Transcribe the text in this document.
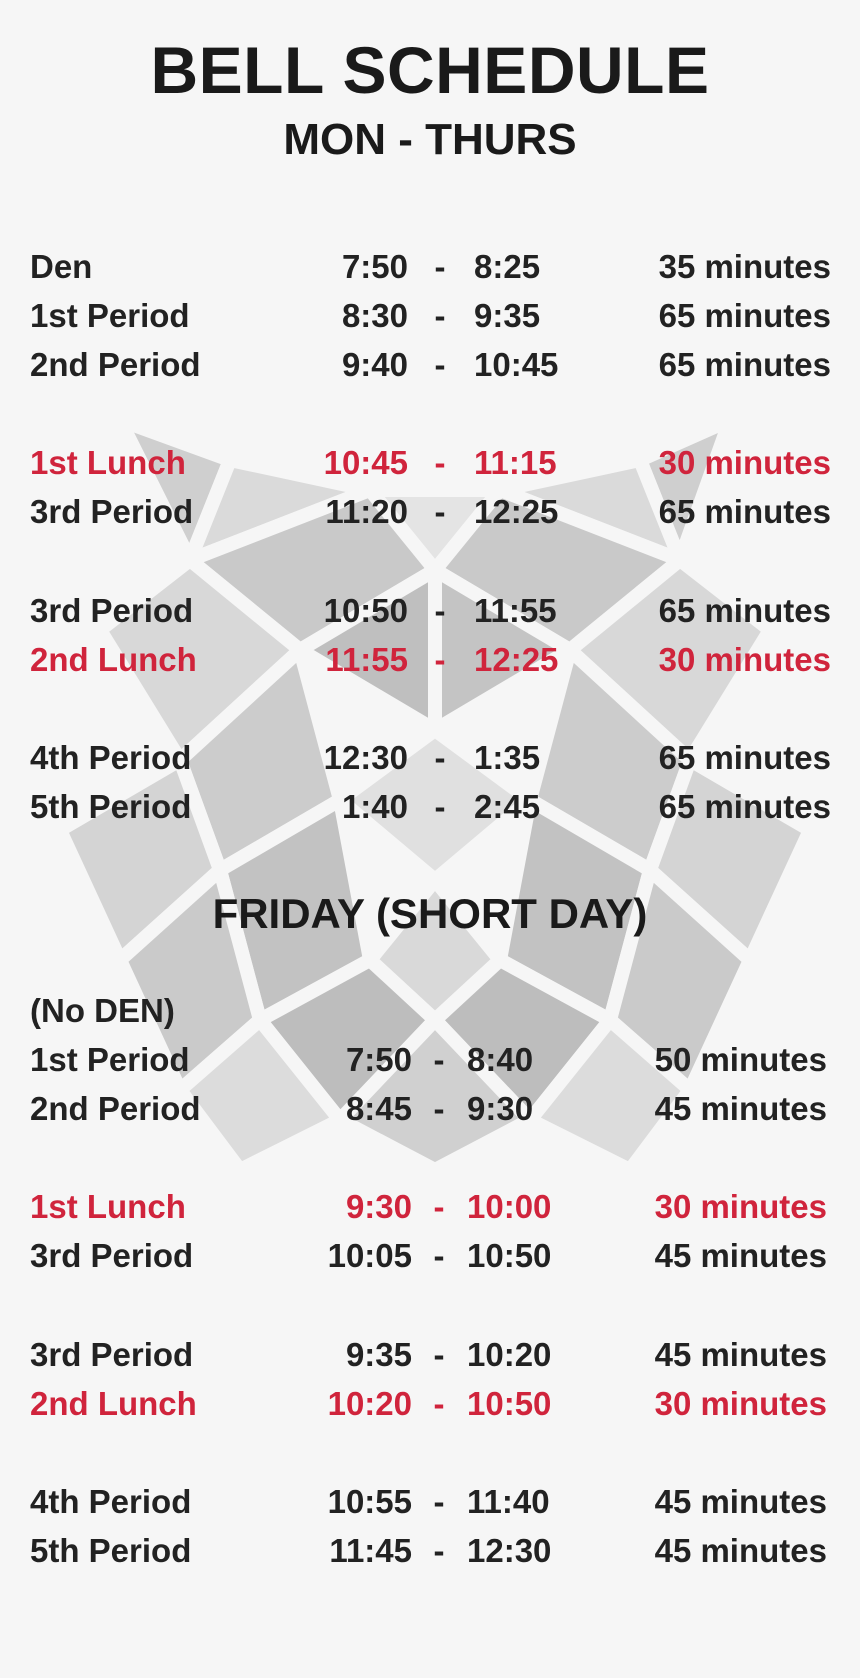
BELL SCHEDULE
MON - THURS
Den	7:50 - 8:25	35 minutes
1st Period	8:30 - 9:35	65 minutes
2nd Period	9:40 - 10:45	65 minutes
1st Lunch	10:45 - 11:15	30 minutes
3rd Period	11:20 - 12:25	65 minutes
3rd Period	10:50 - 11:55	65 minutes
2nd Lunch	11:55 - 12:25	30 minutes
4th Period	12:30 - 1:35	65 minutes
5th Period	1:40 - 2:45	65 minutes
FRIDAY (SHORT DAY)
(No DEN)
1st Period	7:50 - 8:40	50 minutes
2nd Period	8:45 - 9:30	45 minutes
1st Lunch	9:30 - 10:00	30 minutes
3rd Period	10:05 - 10:50	45 minutes
3rd Period	9:35 - 10:20	45 minutes
2nd Lunch	10:20 - 10:50	30 minutes
4th Period	10:55 - 11:40	45 minutes
5th Period	11:45 - 12:30	45 minutes
